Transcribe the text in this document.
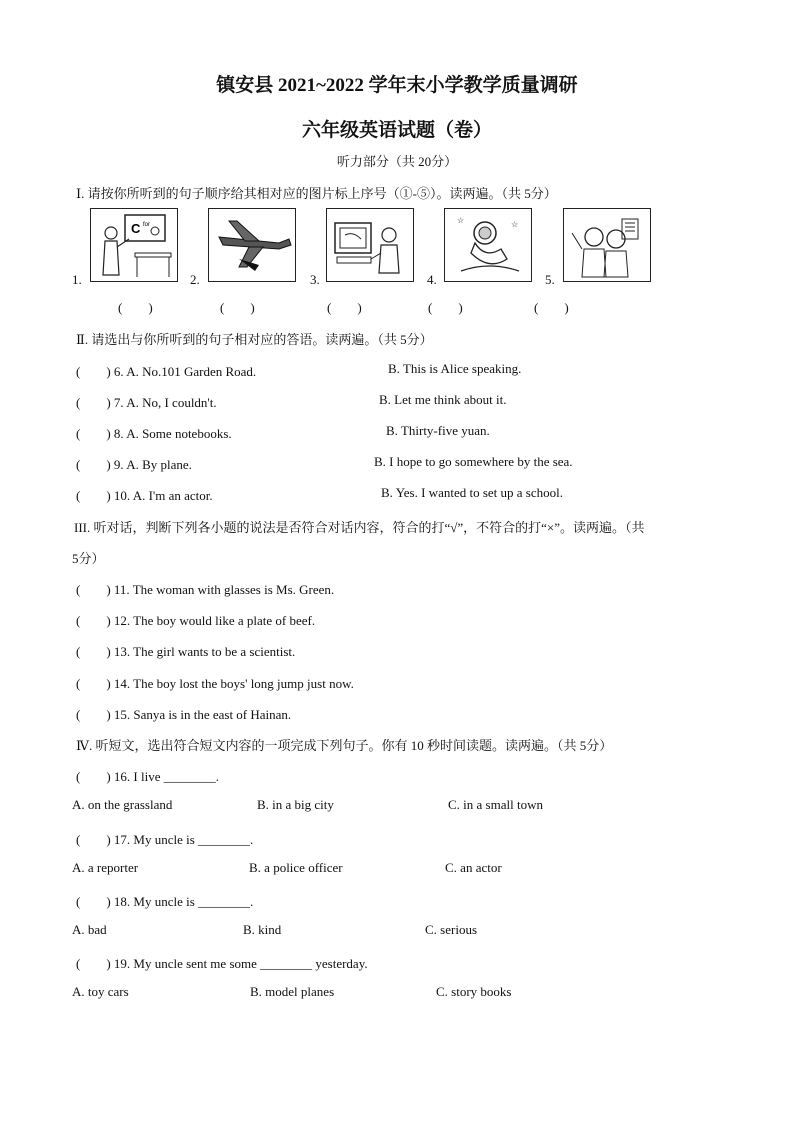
镇安县 2021~2022 学年末小学教学质量调研
六年级英语试题（卷）
听力部分（共 20分）
Ⅰ. 请按你所听到的句子顺序给其相对应的图片标上序号（①-⑤）。读两遍。（共 5分）
C for	☆	☆
1.	2.	3.	4.	5.
(　　)	(　　)	(　　)	(　　)	(　　)
Ⅱ. 请选出与你所听到的句子相对应的答语。读两遍。（共 5分）
(　　) 6. A. No.101 Garden Road.	B. This is Alice speaking.
(　　) 7. A. No, I couldn't.	B. Let me think about it.
(　　) 8. A. Some notebooks.	B. Thirty-five yuan.
(　　) 9. A. By plane.	B. I hope to go somewhere by the sea.
(　　) 10. A. I'm an actor.	B. Yes. I wanted to set up a school.
III. 听对话，判断下列各小题的说法是否符合对话内容，符合的打“√”，不符合的打“×”。读两遍。（共
5分）
(　　) 11. The woman with glasses is Ms. Green.
(　　) 12. The boy would like a plate of beef.
(　　) 13. The girl wants to be a scientist.
(　　) 14. The boy lost the boys' long jump just now.
(　　) 15. Sanya is in the east of Hainan.
Ⅳ. 听短文，选出符合短文内容的一项完成下列句子。你有 10 秒时间读题。读两遍。（共 5分）
(　　) 16. I live ________.
A. on the grassland	B. in a big city	C. in a small town
(　　) 17. My uncle is ________.
A. a reporter	B. a police officer	C. an actor
(　　) 18. My uncle is ________.
A. bad	B. kind	C. serious
(　　) 19. My uncle sent me some ________ yesterday.
A. toy cars	B. model planes	C. story books
